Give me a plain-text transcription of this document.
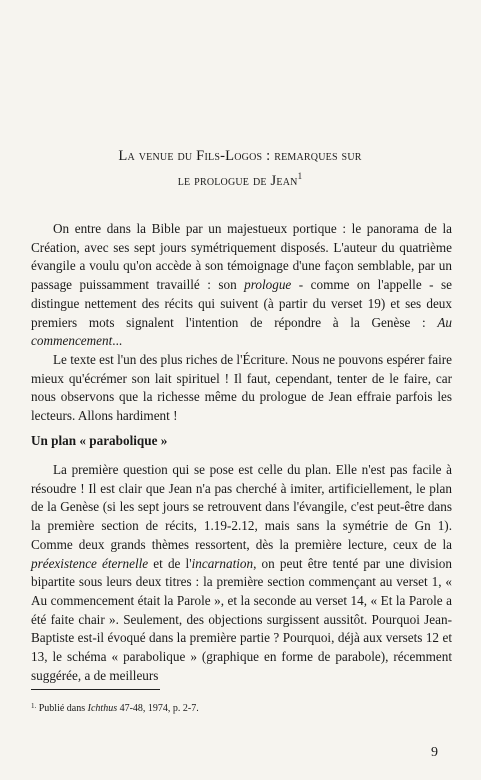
La venue du Fils-Logos : remarques sur
le prologue de Jean$^1$

On entre dans la Bible par un majestueux portique : le panorama de la Création, avec ses sept jours symétriquement disposés. L'auteur du quatrième évangile a voulu qu'on accède à son témoignage d'une façon semblable, par un passage puissamment travaillé : son prologue - comme on l'appelle - se distingue nettement des récits qui suivent (à partir du verset 19) et ses deux premiers mots signalent l'intention de répondre à la Genèse : Au commencement...

Le texte est l'un des plus riches de l'Écriture. Nous ne pouvons espérer faire mieux qu'écrémer son lait spirituel ! Il faut, cependant, tenter de le faire, car nous observons que la richesse même du prologue de Jean effraie parfois les lecteurs. Allons hardiment !

Un plan « parabolique »

La première question qui se pose est celle du plan. Elle n'est pas facile à résoudre ! Il est clair que Jean n'a pas cherché à imiter, artificiellement, le plan de la Genèse (si les sept jours se retrouvent dans l'évangile, c'est peut-être dans la première section de récits, 1.19-2.12, mais sans la symétrie de Gn 1). Comme deux grands thèmes ressortent, dès la première lecture, ceux de la préexistence éternelle et de l'incarnation, on peut être tenté par une division bipartite sous leurs deux titres : la première section commençant au verset 1, « Au commencement était la Parole », et la seconde au verset 14, « Et la Parole a été faite chair ». Seulement, des objections surgissent aussitôt. Pourquoi Jean-Baptiste est-il évoqué dans la première partie ? Pourquoi, déjà aux versets 12 et 13, le schéma « parabolique » (graphique en forme de parabole), récemment suggérée, a de meilleurs

$^{1.}$ Publié dans Ichthus 47-48, 1974, p. 2-7.
9
